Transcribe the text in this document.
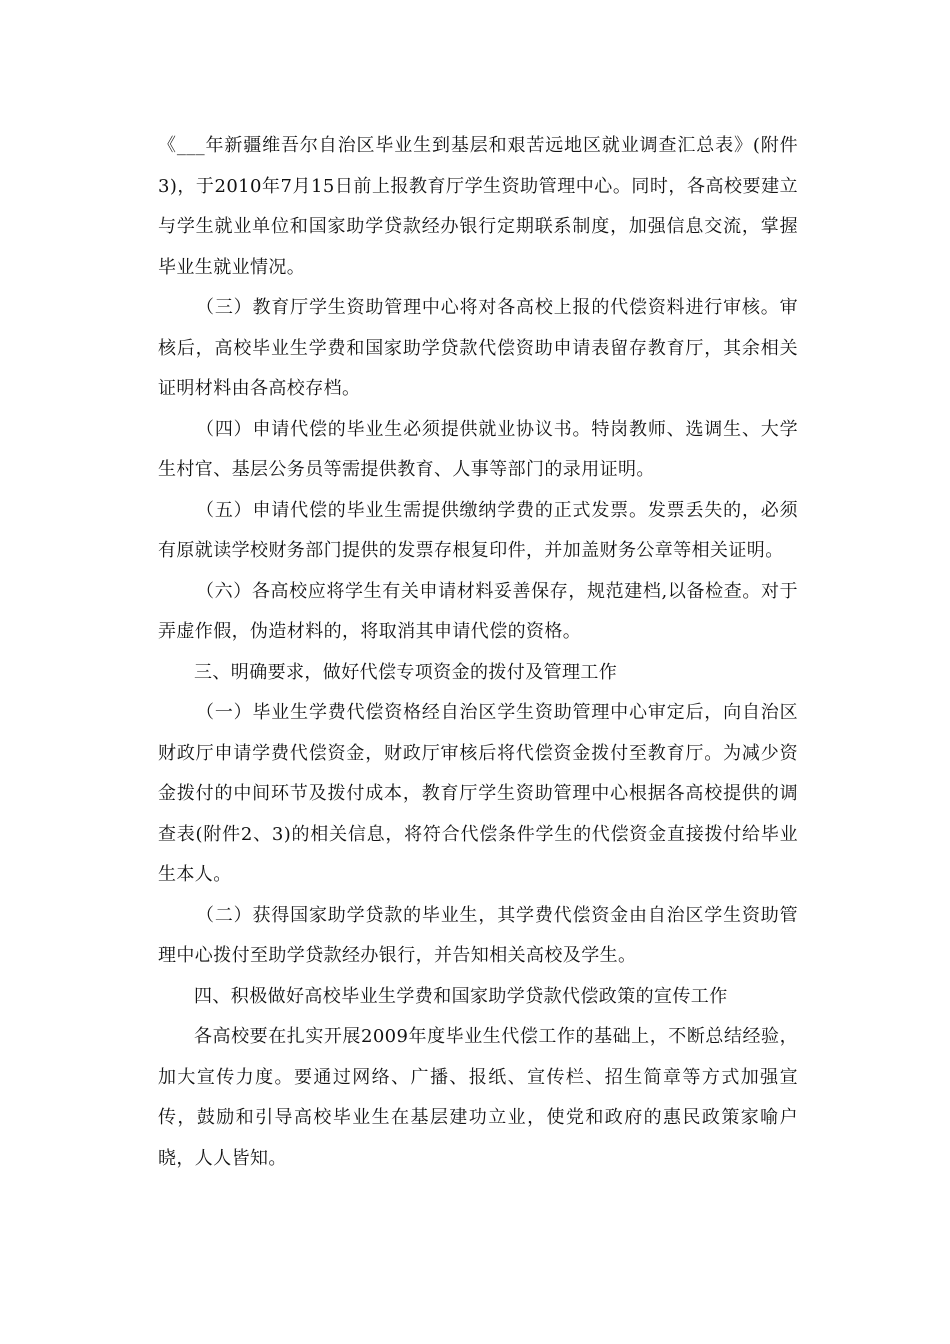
《___年新疆维吾尔自治区毕业生到基层和艰苦远地区就业调查汇总表》(附件3)，于2010年7月15日前上报教育厅学生资助管理中心。同时，各高校要建立与学生就业单位和国家助学贷款经办银行定期联系制度，加强信息交流，掌握毕业生就业情况。

（三）教育厅学生资助管理中心将对各高校上报的代偿资料进行审核。审核后，高校毕业生学费和国家助学贷款代偿资助申请表留存教育厅，其余相关证明材料由各高校存档。

（四）申请代偿的毕业生必须提供就业协议书。特岗教师、选调生、大学生村官、基层公务员等需提供教育、人事等部门的录用证明。

（五）申请代偿的毕业生需提供缴纳学费的正式发票。发票丢失的，必须有原就读学校财务部门提供的发票存根复印件，并加盖财务公章等相关证明。

（六）各高校应将学生有关申请材料妥善保存，规范建档,以备检查。对于弄虚作假，伪造材料的，将取消其申请代偿的资格。

三、明确要求，做好代偿专项资金的拨付及管理工作

（一）毕业生学费代偿资格经自治区学生资助管理中心审定后，向自治区财政厅申请学费代偿资金，财政厅审核后将代偿资金拨付至教育厅。为减少资金拨付的中间环节及拨付成本，教育厅学生资助管理中心根据各高校提供的调查表(附件2、3)的相关信息，将符合代偿条件学生的代偿资金直接拨付给毕业生本人。

（二）获得国家助学贷款的毕业生，其学费代偿资金由自治区学生资助管理中心拨付至助学贷款经办银行，并告知相关高校及学生。

四、积极做好高校毕业生学费和国家助学贷款代偿政策的宣传工作

各高校要在扎实开展2009年度毕业生代偿工作的基础上，不断总结经验，加大宣传力度。要通过网络、广播、报纸、宣传栏、招生简章等方式加强宣传，鼓励和引导高校毕业生在基层建功立业，使党和政府的惠民政策家喻户晓，人人皆知。
